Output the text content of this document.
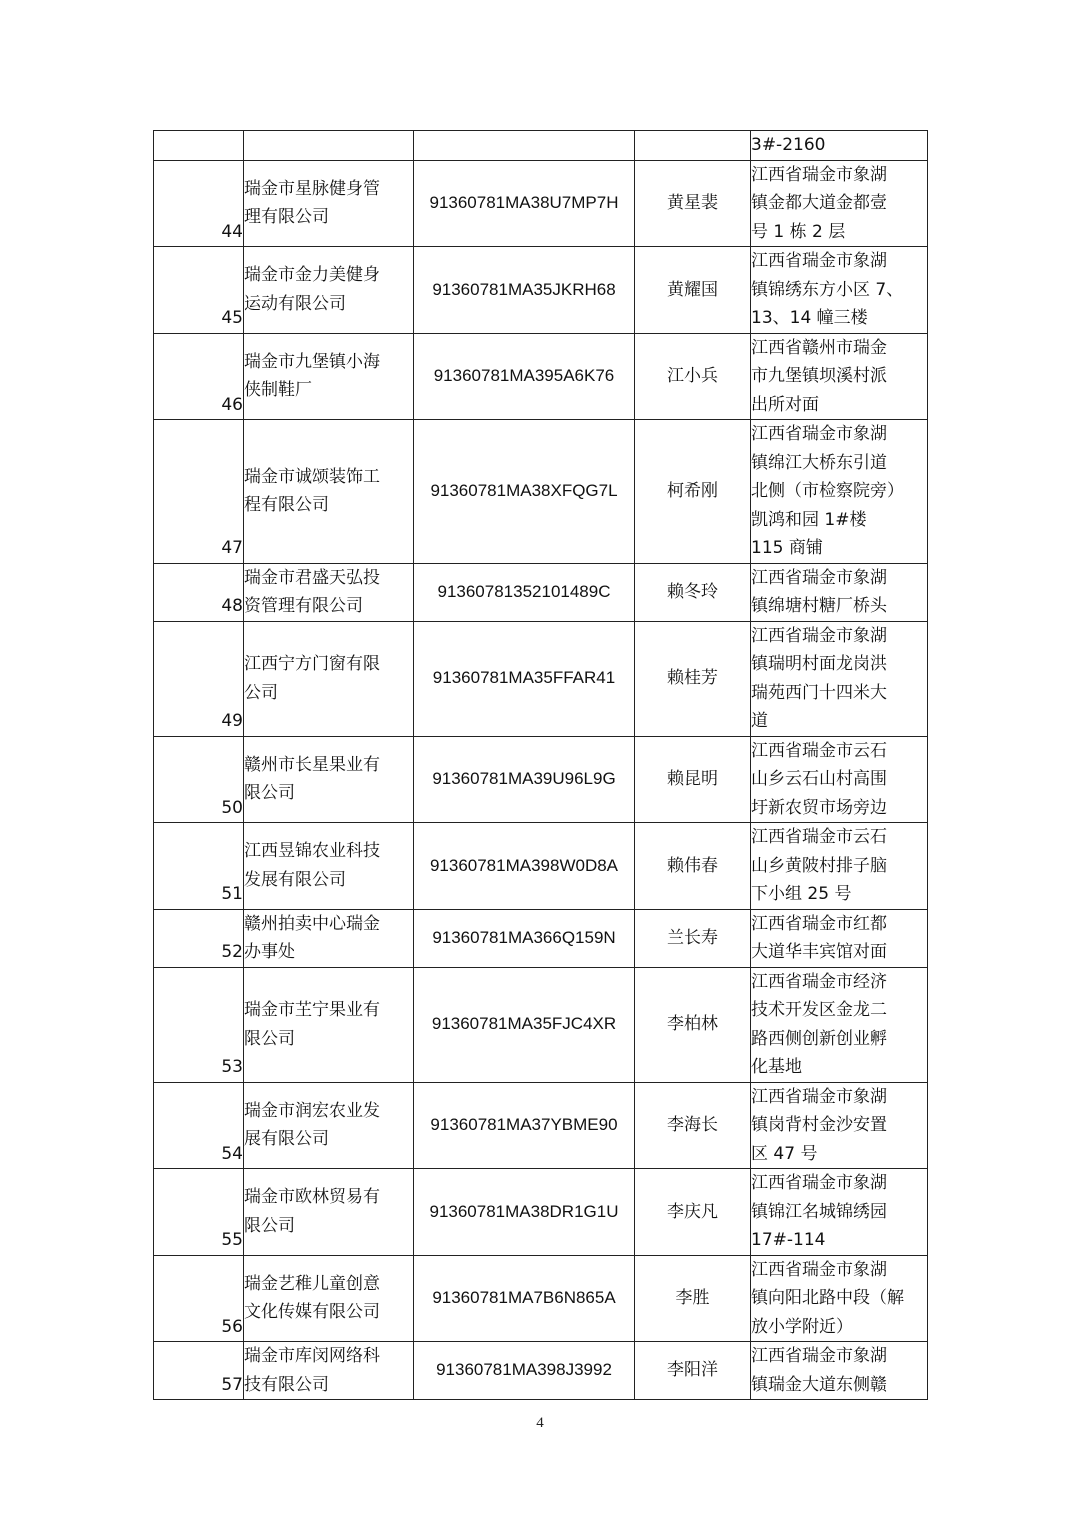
				3#-2160

44	瑞金市星脉健身管
理有限公司	91360781MA38U7MP7H	黄星裴	江西省瑞金市象湖
镇金都大道金都壹
号 1 栋 2 层

45	瑞金市金力美健身
运动有限公司	91360781MA35JKRH68	黄耀国	江西省瑞金市象湖
镇锦绣东方小区 7、
13、14 幢三楼

46	瑞金市九堡镇小海
侠制鞋厂	91360781MA395A6K76	江小兵	江西省赣州市瑞金
市九堡镇坝溪村派
出所对面

47	瑞金市诚颂装饰工
程有限公司	91360781MA38XFQG7L	柯希刚	江西省瑞金市象湖
镇绵江大桥东引道
北侧（市检察院旁）
凯鸿和园 1#楼
115 商铺

48	瑞金市君盛天弘投
资管理有限公司	91360781352101489C	赖冬玲	江西省瑞金市象湖
镇绵塘村糖厂桥头

49	江西宁方门窗有限
公司	91360781MA35FFAR41	赖桂芳	江西省瑞金市象湖
镇瑞明村面龙岗洪
瑞苑西门十四米大
道

50	赣州市长星果业有
限公司	91360781MA39U96L9G	赖昆明	江西省瑞金市云石
山乡云石山村高围
圩新农贸市场旁边

51	江西昱锦农业科技
发展有限公司	91360781MA398W0D8A	赖伟春	江西省瑞金市云石
山乡黄陂村排子脑
下小组 25 号

52	赣州拍卖中心瑞金
办事处	91360781MA366Q159N	兰长寿	江西省瑞金市红都
大道华丰宾馆对面

53	瑞金市芏宁果业有
限公司	91360781MA35FJC4XR	李柏林	江西省瑞金市经济
技术开发区金龙二
路西侧创新创业孵
化基地

54	瑞金市润宏农业发
展有限公司	91360781MA37YBME90	李海长	江西省瑞金市象湖
镇岗背村金沙安置
区 47 号

55	瑞金市欧林贸易有
限公司	91360781MA38DR1G1U	李庆凡	江西省瑞金市象湖
镇锦江名城锦绣园
17#-114

56	瑞金艺稚儿童创意
文化传媒有限公司	91360781MA7B6N865A	李胜	江西省瑞金市象湖
镇向阳北路中段（解
放小学附近）

57	瑞金市库闵网络科
技有限公司	91360781MA398J3992	李阳洋	江西省瑞金市象湖
镇瑞金大道东侧赣
4
